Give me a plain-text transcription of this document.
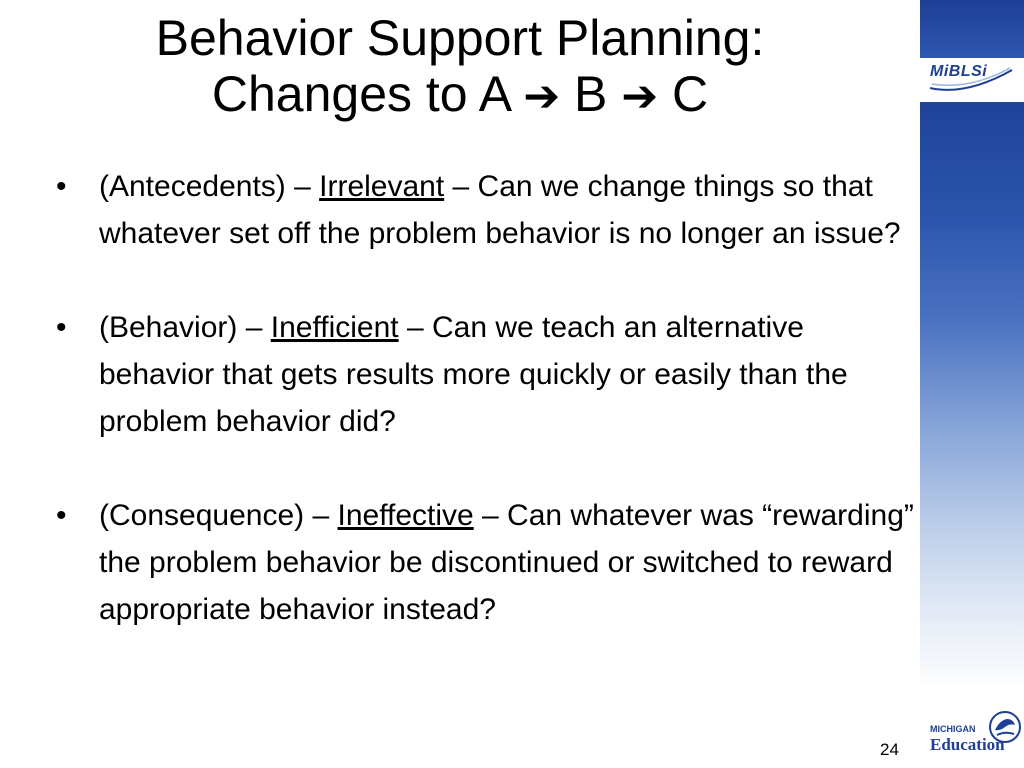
Behavior Support Planning:
Changes to A ➔ B ➔ C
• (Antecedents) – Irrelevant – Can we change things so that whatever set off the problem behavior is no longer an issue?
• (Behavior) – Inefficient – Can we teach an alternative behavior that gets results more quickly or easily than the problem behavior did?
• (Consequence) – Ineffective – Can whatever was “rewarding” the problem behavior be discontinued or switched to reward appropriate behavior instead?
MiBLSi
MICHIGAN
Education
24
